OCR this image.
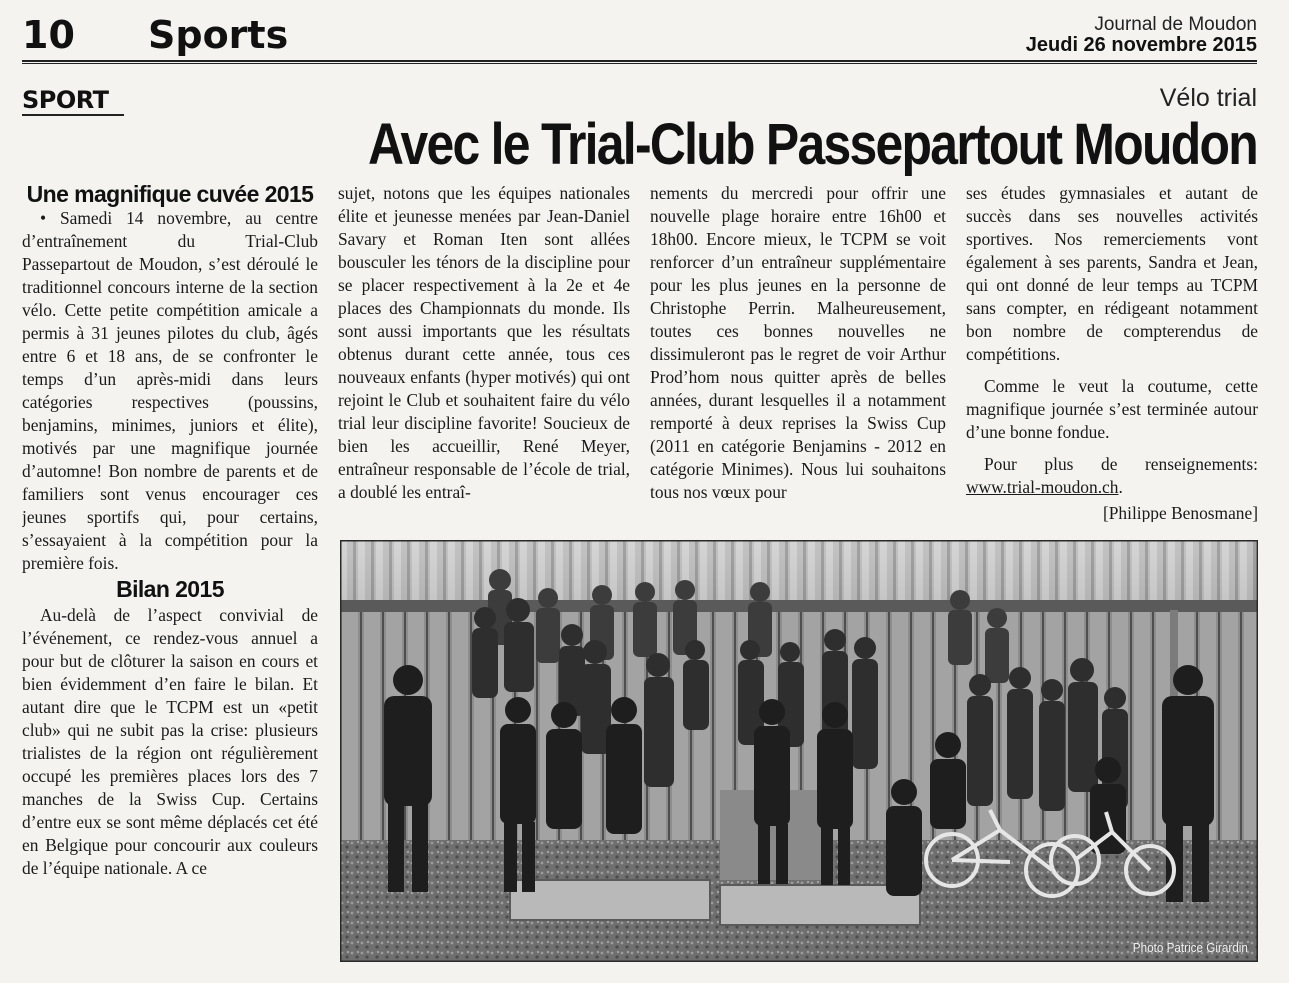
10 Sports	Journal de Moudon
Jeudi 26 novembre 2015
SPORT	Vélo trial
Avec le Trial-Club Passepartout Moudon
Une magnifique cuvée 2015

• Samedi 14 novembre, au centre d’entraînement du Trial-Club Passepartout de Moudon, s’est déroulé le traditionnel concours interne de la section vélo. Cette petite compétition amicale a permis à 31 jeunes pilotes du club, âgés entre 6 et 18 ans, de se confronter le temps d’un après-midi dans leurs catégories respectives (poussins, benjamins, minimes, juniors et élite), motivés par une magnifique journée d’automne! Bon nombre de parents et de familiers sont venus encourager ces jeunes sportifs qui, pour certains, s’essayaient à la compétition pour la première fois.

Bilan 2015

Au-delà de l’aspect convivial de l’événement, ce rendez-vous annuel a pour but de clôturer la saison en cours et bien évidemment d’en faire le bilan. Et autant dire que le TCPM est un «petit club» qui ne subit pas la crise: plusieurs trialistes de la région ont régulièrement occupé les premières places lors des 7 manches de la Swiss Cup. Certains d’entre eux se sont même déplacés cet été en Belgique pour concourir aux couleurs de l’équipe nationale. A ce

sujet, notons que les équipes nationales élite et jeunesse menées par Jean-Daniel Savary et Roman Iten sont allées bousculer les ténors de la discipline pour se placer respectivement à la 2e et 4e places des Championnats du monde. Ils sont aussi importants que les résultats obtenus durant cette année, tous ces nouveaux enfants (hyper motivés) qui ont rejoint le Club et souhaitent faire du vélo trial leur discipline favorite! Soucieux de bien les accueillir, René Meyer, entraîneur responsable de l’école de trial, a doublé les entraî-

nements du mercredi pour offrir une nouvelle plage horaire entre 16h00 et 18h00. Encore mieux, le TCPM se voit renforcer d’un entraîneur supplémentaire pour les plus jeunes en la personne de Christophe Perrin. Malheureusement, toutes ces bonnes nouvelles ne dissimuleront pas le regret de voir Arthur Prod’hom nous quitter après de belles années, durant lesquelles il a notamment remporté à deux reprises la Swiss Cup (2011 en catégorie Benjamins - 2012 en catégorie Minimes). Nous lui souhaitons tous nos vœux pour

ses études gymnasiales et autant de succès dans ses nouvelles activités sportives. Nos remerciements vont également à ses parents, Sandra et Jean, qui ont donné de leur temps au TCPM sans compter, en rédigeant notamment bon nombre de compterendus de compétitions.

Comme le veut la coutume, cette magnifique journée s’est terminée autour d’une bonne fondue.

Pour plus de renseignements: www.trial-moudon.ch.

[Philippe Benosmane]
Photo Patrice Girardin
